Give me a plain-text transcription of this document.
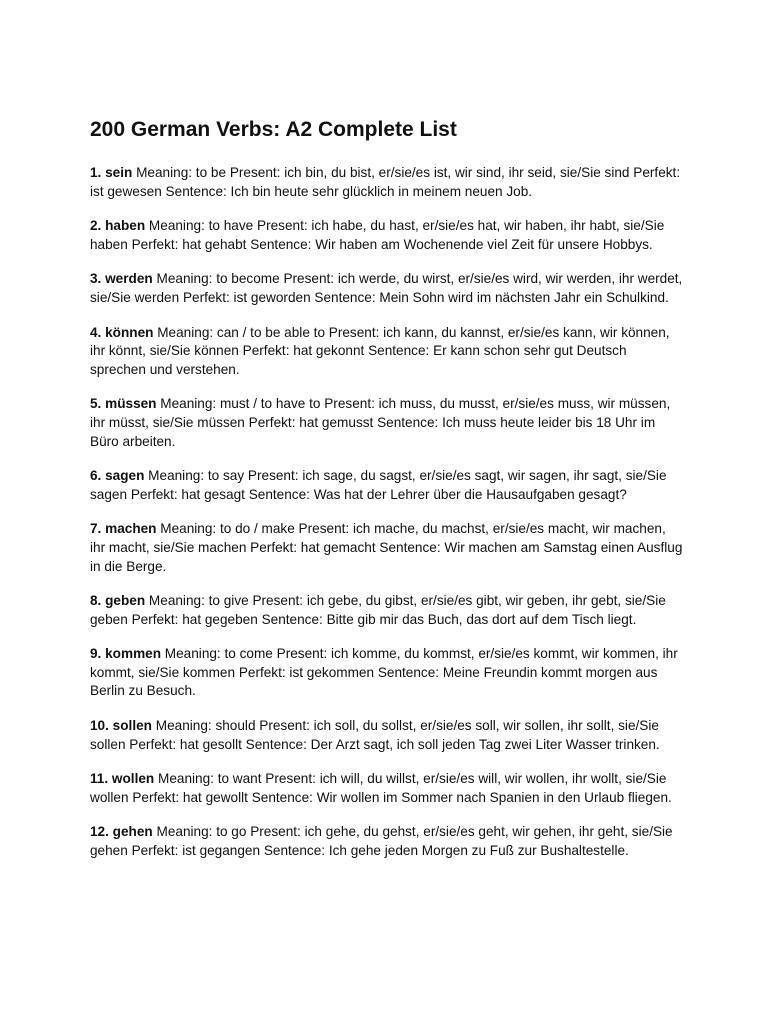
200 German Verbs: A2 Complete List

1. sein Meaning: to be Present: ich bin, du bist, er/sie/es ist, wir sind, ihr seid, sie/Sie sind Perfekt: ist gewesen Sentence: Ich bin heute sehr glücklich in meinem neuen Job.

2. haben Meaning: to have Present: ich habe, du hast, er/sie/es hat, wir haben, ihr habt, sie/Sie haben Perfekt: hat gehabt Sentence: Wir haben am Wochenende viel Zeit für unsere Hobbys.

3. werden Meaning: to become Present: ich werde, du wirst, er/sie/es wird, wir werden, ihr werdet, sie/Sie werden Perfekt: ist geworden Sentence: Mein Sohn wird im nächsten Jahr ein Schulkind.

4. können Meaning: can / to be able to Present: ich kann, du kannst, er/sie/es kann, wir können, ihr könnt, sie/Sie können Perfekt: hat gekonnt Sentence: Er kann schon sehr gut Deutsch sprechen und verstehen.

5. müssen Meaning: must / to have to Present: ich muss, du musst, er/sie/es muss, wir müssen, ihr müsst, sie/Sie müssen Perfekt: hat gemusst Sentence: Ich muss heute leider bis 18 Uhr im Büro arbeiten.

6. sagen Meaning: to say Present: ich sage, du sagst, er/sie/es sagt, wir sagen, ihr sagt, sie/Sie sagen Perfekt: hat gesagt Sentence: Was hat der Lehrer über die Hausaufgaben gesagt?

7. machen Meaning: to do / make Present: ich mache, du machst, er/sie/es macht, wir machen, ihr macht, sie/Sie machen Perfekt: hat gemacht Sentence: Wir machen am Samstag einen Ausflug in die Berge.

8. geben Meaning: to give Present: ich gebe, du gibst, er/sie/es gibt, wir geben, ihr gebt, sie/Sie geben Perfekt: hat gegeben Sentence: Bitte gib mir das Buch, das dort auf dem Tisch liegt.

9. kommen Meaning: to come Present: ich komme, du kommst, er/sie/es kommt, wir kommen, ihr kommt, sie/Sie kommen Perfekt: ist gekommen Sentence: Meine Freundin kommt morgen aus Berlin zu Besuch.

10. sollen Meaning: should Present: ich soll, du sollst, er/sie/es soll, wir sollen, ihr sollt, sie/Sie sollen Perfekt: hat gesollt Sentence: Der Arzt sagt, ich soll jeden Tag zwei Liter Wasser trinken.

11. wollen Meaning: to want Present: ich will, du willst, er/sie/es will, wir wollen, ihr wollt, sie/Sie wollen Perfekt: hat gewollt Sentence: Wir wollen im Sommer nach Spanien in den Urlaub fliegen.

12. gehen Meaning: to go Present: ich gehe, du gehst, er/sie/es geht, wir gehen, ihr geht, sie/Sie gehen Perfekt: ist gegangen Sentence: Ich gehe jeden Morgen zu Fuß zur Bushaltestelle.
